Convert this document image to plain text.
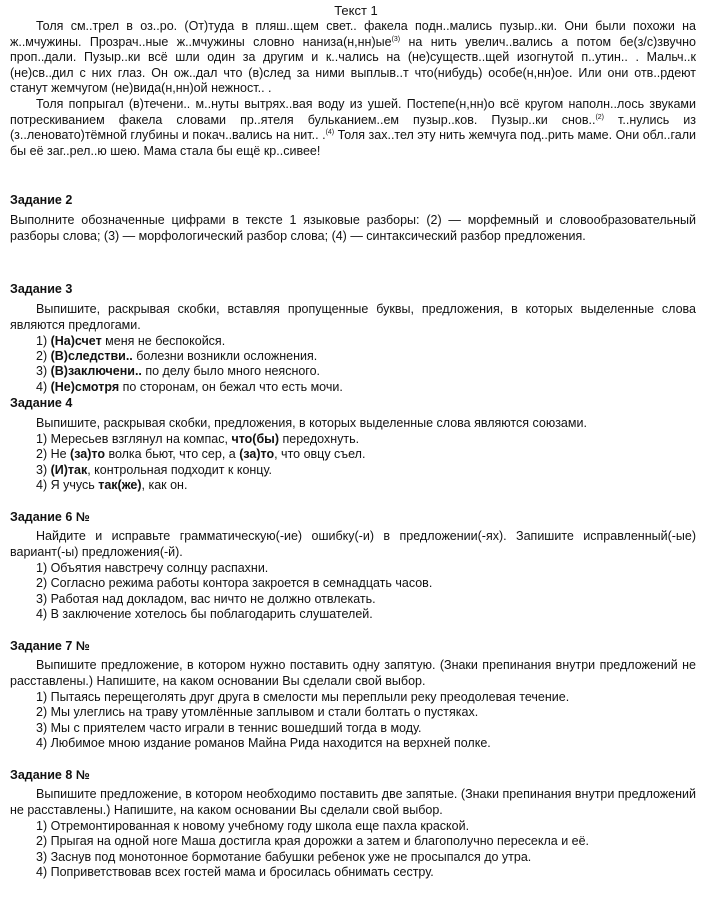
Текст 1

Толя см..трел в оз..ро. (От)туда в пляш..щем свет.. факела подн..мались пузыр..ки. Они были похожи на ж..мчужины. Прозрач..ные ж..мчужины словно $наниза(н,нн)ые^{(3)}$ на нить увелич..вались а потом бе(з/с)звучно проп..дали. Пузыр..ки всё шли один за другим и к..чались на (не)существ..щей изогнутой п..утин.. . Мальч..к (не)св..дил с них глаз. Он ож..дал что (в)след за ними выплыв..т что(нибудь) особе(н,нн)ое. Или они отв..рдеют станут жемчугом (не)вида(н,нн)ой нежност.. .

Толя попрыгал (в)течени.. м..нуты вытрях..вая воду из ушей. Постепе(н,нн)о всё кругом наполн..лось звуками потрескиванием факела словами пр..ятеля бульканием..ем пузыр..ков. Пузыр..ки снов..$^{(2)}$ т..нулись из (з..леновато)тёмной глубины и покач..вались на нит.. .$^{(4)}$ Толя зах..тел эту нить жемчуга под..рить маме. Они обл..гали бы её заг..рел..ю шею. Мама стала бы ещё кр..сивее!

Задание 2

Выполните обозначенные цифрами в тексте 1 языковые разборы: (2) — морфемный и словообразовательный разборы слова; (3) — морфологический разбор слова; (4) — синтаксический разбор предложения.

Задание 3

Выпишите, раскрывая скобки, вставляя пропущенные буквы, предложения, в которых выделенные слова являются предлогами.

1) (На)счет меня не беспокойся.
2) (В)следстви.. болезни возникли осложнения.
3) (В)заключени.. по делу было много неясного.
4) (Не)смотря по сторонам, он бежал что есть мочи.
Задание 4
Выпишите, раскрывая скобки, предложения, в которых выделенные слова являются союзами.
1) Мересьев взглянул на компас, что(бы) передохнуть.
2) Не (за)то волка бьют, что сер, а (за)то, что овцу съел.
3) (И)так, контрольная подходит к концу.
4) Я учусь так(же), как он.
Задание 6 №

Найдите и исправьте грамматическую(-ие) ошибку(-и) в предложении(-ях). Запишите исправленный(-ые) вариант(-ы) предложения(-й).

1) Объятия навстречу солнцу распахни.
2) Согласно режима работы контора закроется в семнадцать часов.
3) Работая над докладом, вас ничто не должно отвлекать.
4) В заключение хотелось бы поблагодарить слушателей.
Задание 7 №

Выпишите предложение, в котором нужно поставить одну запятую. (Знаки препинания внутри предложений не расставлены.) Напишите, на каком основании Вы сделали свой выбор.

1) Пытаясь перещеголять друг друга в смелости мы переплыли реку преодолевая течение.
2) Мы улеглись на траву утомлённые заплывом и стали болтать о пустяках.
3) Мы с приятелем часто играли в теннис вошедший тогда в моду.
4) Любимое мною издание романов Майна Рида находится на верхней полке.
Задание 8 №

Выпишите предложение, в котором необходимо поставить две запятые. (Знаки препинания внутри предложений не расставлены.) Напишите, на каком основании Вы сделали свой выбор.

1) Отремонтированная к новому учебному году школа еще пахла краской.
2) Прыгая на одной ноге Маша достигла края дорожки а затем и благополучно пересекла и её.
3) Заснув под монотонное бормотание бабушки ребенок уже не просыпался до утра.
4) Поприветствовав всех гостей мама и бросилась обнимать сестру.
